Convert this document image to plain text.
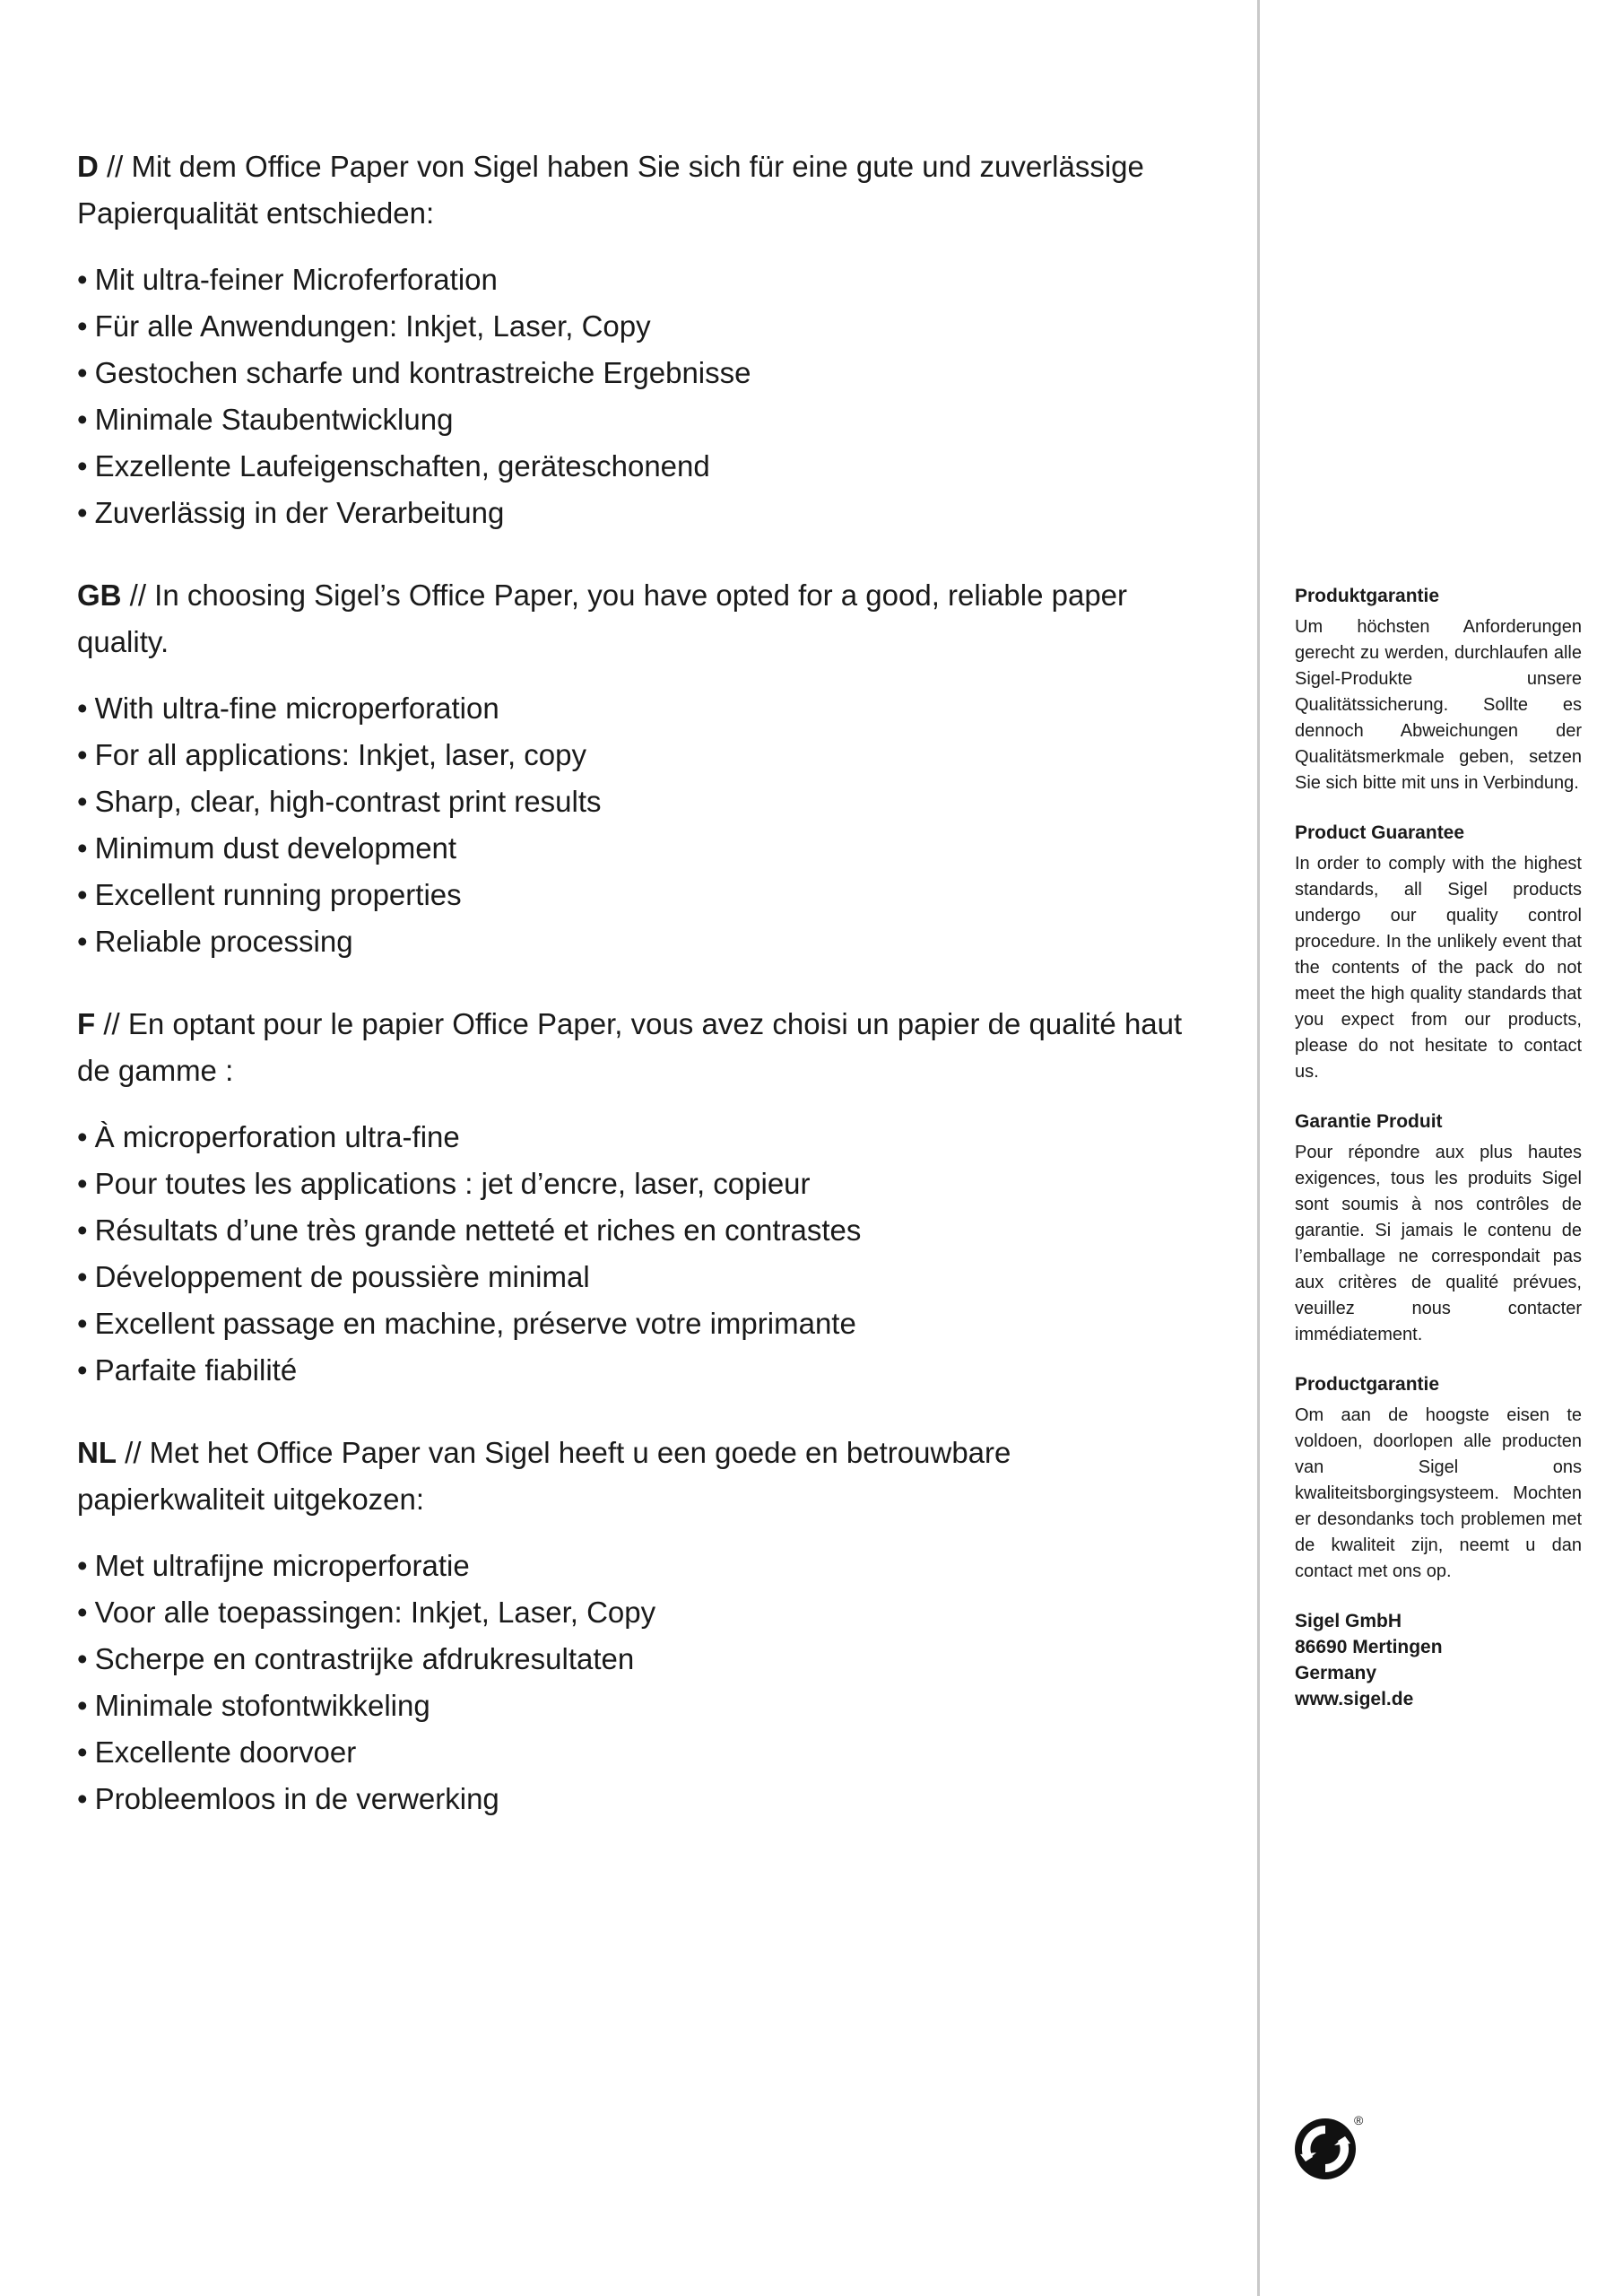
D // Mit dem Office Paper von Sigel haben Sie sich für eine gute und zuverlässige Papierqualität entschieden:

• Mit ultra-feiner Microferforation
• Für alle Anwendungen: Inkjet, Laser, Copy
• Gestochen scharfe und kontrastreiche Ergebnisse
• Minimale Staubentwicklung
• Exzellente Laufeigenschaften, geräteschonend
• Zuverlässig in der Verarbeitung

GB // In choosing Sigel’s Office Paper, you have opted for a good, reliable paper quality.

• With ultra-fine microperforation
• For all applications: Inkjet, laser, copy
• Sharp, clear, high-contrast print results
• Minimum dust development
• Excellent running properties
• Reliable processing

F // En optant pour le papier Office Paper, vous avez choisi un papier de qualité haut de gamme :

• À microperforation ultra-fine
• Pour toutes les applications : jet d’encre, laser, copieur
• Résultats d’une très grande netteté et riches en contrastes
• Développement de poussière minimal
• Excellent passage en machine, préserve votre imprimante
• Parfaite fiabilité

NL // Met het Office Paper van Sigel heeft u een goede en betrouwbare papierkwaliteit uitgekozen:

• Met ultrafijne microperforatie
• Voor alle toepassingen: Inkjet, Laser, Copy
• Scherpe en contrastrijke afdrukresultaten
• Minimale stofontwikkeling
• Excellente doorvoer
• Probleemloos in de verwerking

Produktgarantie

Um höchsten Anforderungen gerecht zu werden, durchlaufen alle Sigel-Produkte unsere Qualitätssicherung. Sollte es dennoch Abweichungen der Qualitätsmerkmale geben, setzen Sie sich bitte mit uns in Verbindung.

Product Guarantee

In order to comply with the highest standards, all Sigel products undergo our quality control procedure. In the unlikely event that the contents of the pack do not meet the high quality standards that you expect from our products, please do not hesitate to contact us.

Garantie Produit

Pour répondre aux plus hautes exigences, tous les produits Sigel sont soumis à nos contrôles de garantie. Si jamais le contenu de l’emballage ne correspondait pas aux critères de qualité prévues, veuillez nous contacter immédiatement.

Productgarantie

Om aan de hoogste eisen te voldoen, doorlopen alle producten van Sigel ons kwaliteitsborgingsysteem. Mochten er desondanks toch problemen met de kwaliteit zijn, neemt u dan contact met ons op.

Sigel GmbH
86690 Mertingen
Germany
www.sigel.de
®
